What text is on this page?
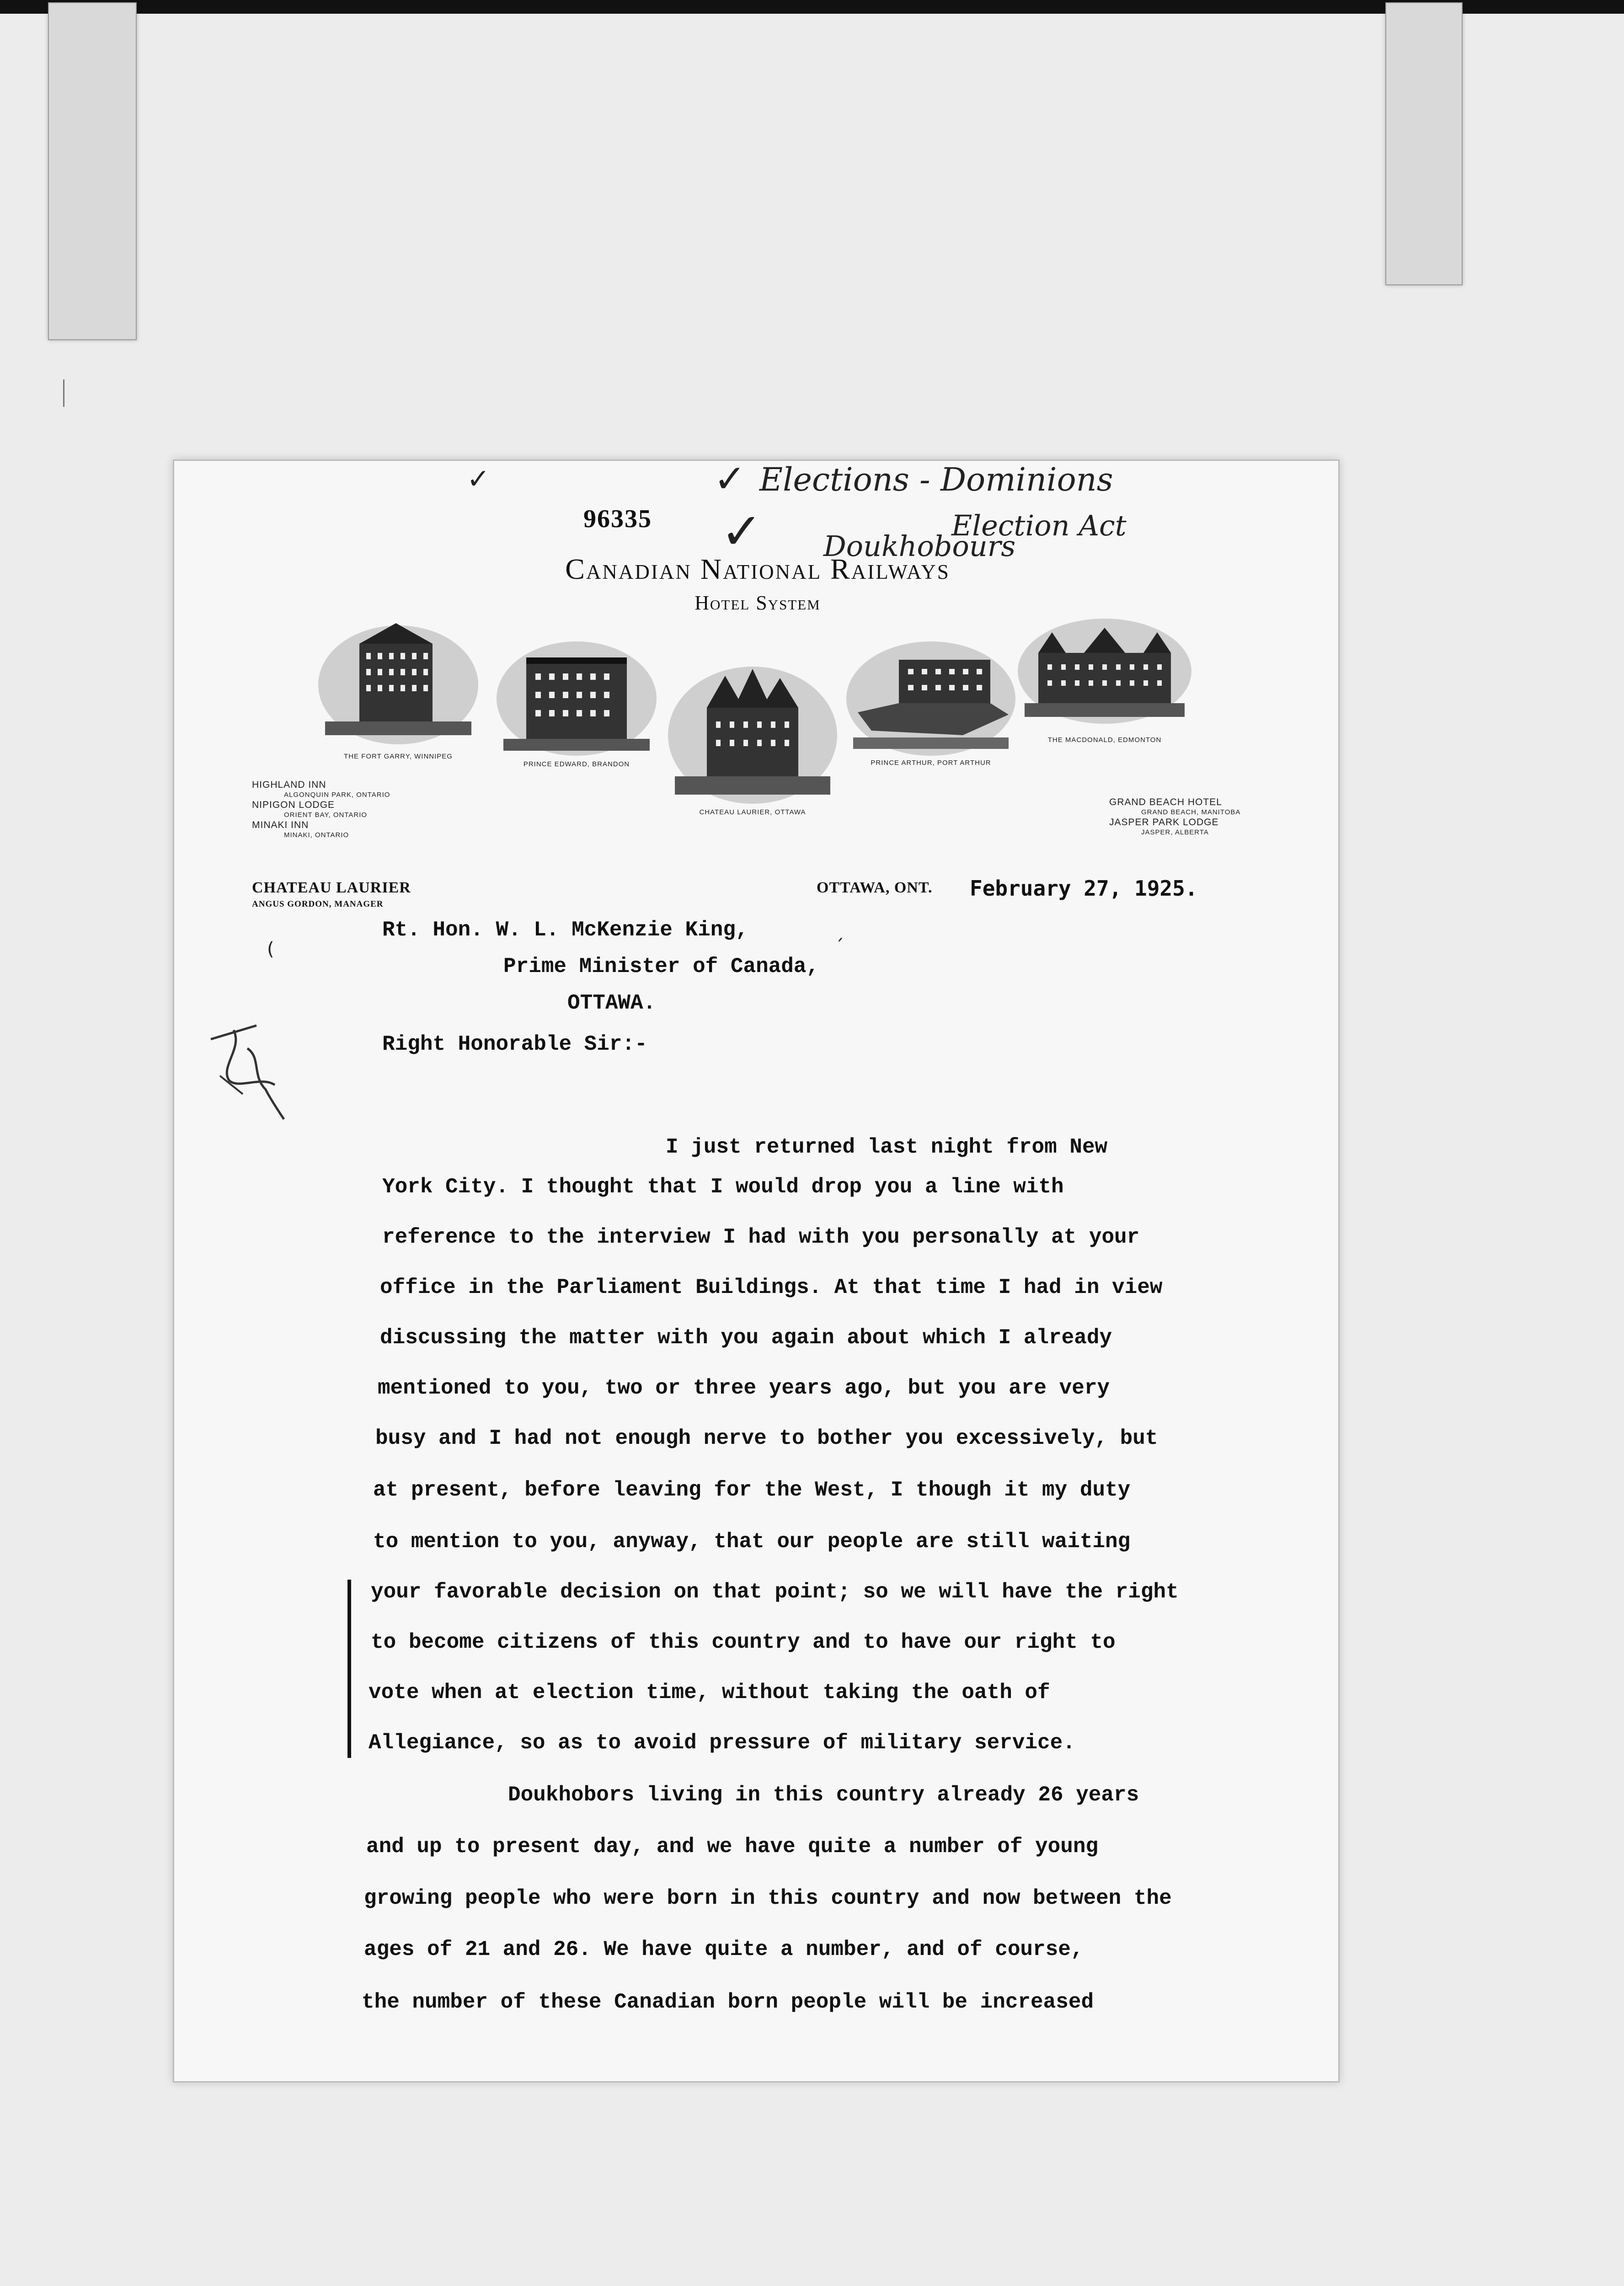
✓	✓
✓
Elections - Dominions
Election Act
Doukhobours
96335
Canadian National Railways
Hotel System
THE FORT GARRY, WINNIPEG
PRINCE EDWARD, BRANDON
CHATEAU LAURIER, OTTAWA
PRINCE ARTHUR, PORT ARTHUR
THE MACDONALD, EDMONTON
HIGHLAND INN
ALGONQUIN PARK, ONTARIO
NIPIGON LODGE
ORIENT BAY, ONTARIO
MINAKI INN
MINAKI, ONTARIO
GRAND BEACH HOTEL
GRAND BEACH, MANITOBA
JASPER PARK LODGE
JASPER, ALBERTA
CHATEAU LAURIER
ANGUS GORDON, MANAGER
OTTAWA, ONT. February 27, 1925.
(	ˊ
Rt. Hon. W. L. McKenzie King,
Prime Minister of Canada,
OTTAWA.
Right Honorable Sir:-
I just returned last night from New
York City. I thought that I would drop you a line with
reference to the interview I had with you personally at your
office in the Parliament Buildings. At that time I had in view
discussing the matter with you again about which I already
mentioned to you, two or three years ago, but you are very
busy and I had not enough nerve to bother you excessively, but
at present, before leaving for the West, I though it my duty
to mention to you, anyway, that our people are still waiting
your favorable decision on that point; so we will have the right
to become citizens of this country and to have our right to
vote when at election time, without taking the oath of
Allegiance, so as to avoid pressure of military service.
Doukhobors living in this country already 26 years
and up to present day, and we have quite a number of young
growing people who were born in this country and now between the
ages of 21 and 26. We have quite a number, and of course,
the number of these Canadian born people will be increased
